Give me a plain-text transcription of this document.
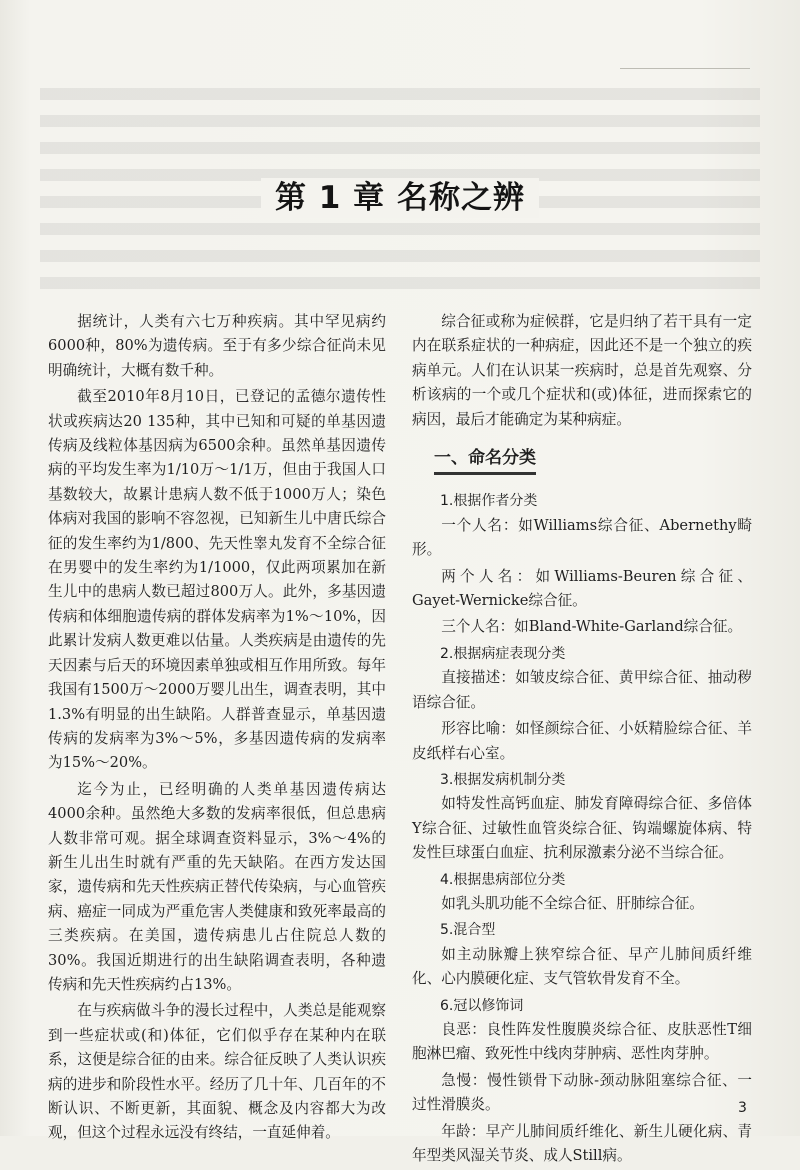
第 1 章 名称之辨

据统计，人类有六七万种疾病。其中罕见病约6000种，80%为遗传病。至于有多少综合征尚未见明确统计，大概有数千种。

截至2010年8月10日，已登记的孟德尔遗传性状或疾病达20 135种，其中已知和可疑的单基因遗传病及线粒体基因病为6500余种。虽然单基因遗传病的平均发生率为1/10万～1/1万，但由于我国人口基数较大，故累计患病人数不低于1000万人；染色体病对我国的影响不容忽视，已知新生儿中唐氏综合征的发生率约为1/800、先天性睾丸发育不全综合征在男婴中的发生率约为1/1000，仅此两项累加在新生儿中的患病人数已超过800万人。此外，多基因遗传病和体细胞遗传病的群体发病率为1%～10%，因此累计发病人数更难以估量。人类疾病是由遗传的先天因素与后天的环境因素单独或相互作用所致。每年我国有1500万～2000万婴儿出生，调查表明，其中1.3%有明显的出生缺陷。人群普查显示，单基因遗传病的发病率为3%～5%，多基因遗传病的发病率为15%～20%。

迄今为止，已经明确的人类单基因遗传病达4000余种。虽然绝大多数的发病率很低，但总患病人数非常可观。据全球调查资料显示，3%～4%的新生儿出生时就有严重的先天缺陷。在西方发达国家，遗传病和先天性疾病正替代传染病，与心血管疾病、癌症一同成为严重危害人类健康和致死率最高的三类疾病。在美国，遗传病患儿占住院总人数的30%。我国近期进行的出生缺陷调查表明，各种遗传病和先天性疾病约占13%。

在与疾病做斗争的漫长过程中，人类总是能观察到一些症状或(和)体征，它们似乎存在某种内在联系，这便是综合征的由来。综合征反映了人类认识疾病的进步和阶段性水平。经历了几十年、几百年的不断认识、不断更新，其面貌、概念及内容都大为改观，但这个过程永远没有终结，一直延伸着。

综合征或称为症候群，它是归纳了若干具有一定内在联系症状的一种病症，因此还不是一个独立的疾病单元。人们在认识某一疾病时，总是首先观察、分析该病的一个或几个症状和(或)体征，进而探索它的病因，最后才能确定为某种病症。

一、命名分类
1.根据作者分类

一个人名：如Williams综合征、Abernethy畸形。

两个人名：如Williams-Beuren综合征、Gayet-Wernicke综合征。

三个人名：如Bland-White-Garland综合征。

2.根据病症表现分类

直接描述：如皱皮综合征、黄甲综合征、抽动秽语综合征。

形容比喻：如怪颜综合征、小妖精脸综合征、羊皮纸样右心室。

3.根据发病机制分类

如特发性高钙血症、肺发育障碍综合征、多倍体Y综合征、过敏性血管炎综合征、钩端螺旋体病、特发性巨球蛋白血症、抗利尿激素分泌不当综合征。

4.根据患病部位分类

如乳头肌功能不全综合征、肝肺综合征。

5.混合型

如主动脉瓣上狭窄综合征、早产儿肺间质纤维化、心内膜硬化症、支气管软骨发育不全。

6.冠以修饰词

良恶：良性阵发性腹膜炎综合征、皮肤恶性T细胞淋巴瘤、致死性中线肉芽肿病、恶性肉芽肿。

急慢：慢性锁骨下动脉-颈动脉阻塞综合征、一过性滑膜炎。

年龄：早产儿肺间质纤维化、新生儿硬化病、青年型类风湿关节炎、成人Still病。

3
